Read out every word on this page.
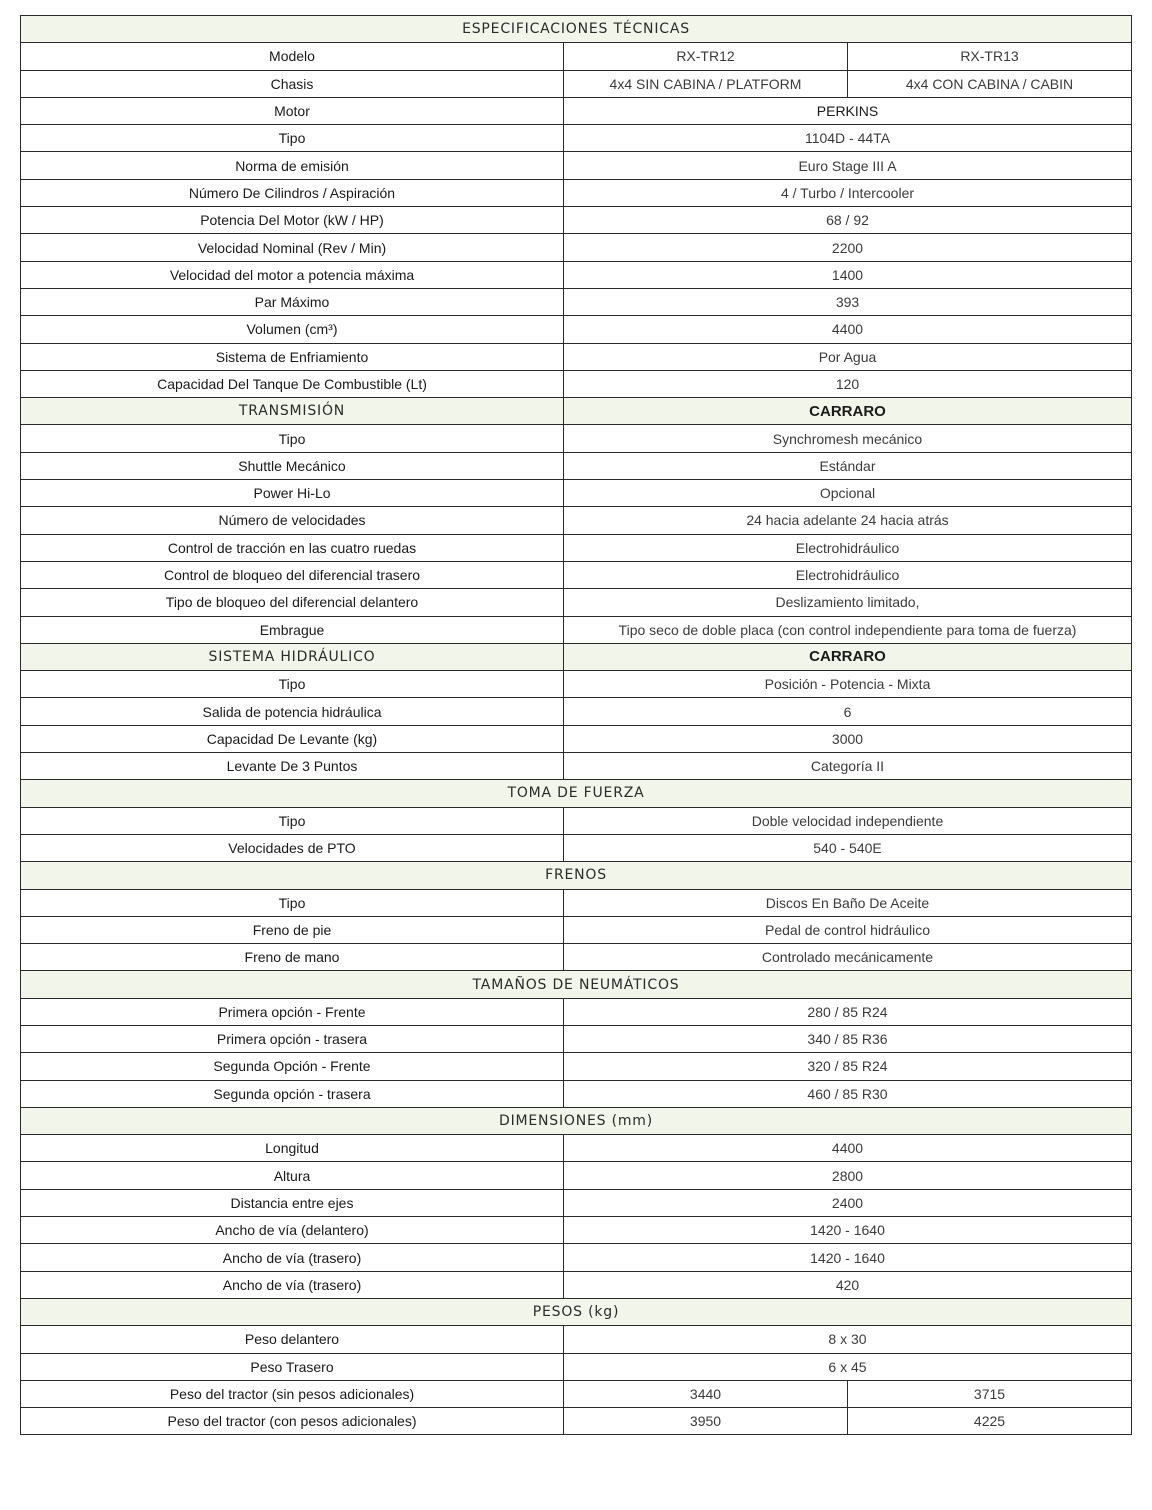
ESPECIFICACIONES TÉCNICAS		
Modelo	RX-TR12	RX-TR13
Chasis	4x4 SIN CABINA / PLATFORM	4x4 CON CABINA / CABIN
Motor	PERKINS	
Tipo	1104D - 44TA	
Norma de emisión	Euro Stage III A	
Número De Cilindros / Aspiración	4 / Turbo / Intercooler	
Potencia Del Motor (kW / HP)	68 / 92	
Velocidad Nominal (Rev / Min)	2200	
Velocidad del motor a potencia máxima	1400	
Par Máximo	393	
Volumen (cm³)	4400	
Sistema de Enfriamiento	Por Agua	
Capacidad Del Tanque De Combustible (Lt)	120	
TRANSMISIÓN	CARRARO	
Tipo	Synchromesh mecánico	
Shuttle Mecánico	Estándar	
Power Hi-Lo	Opcional	
Número de velocidades	24 hacia adelante 24 hacia atrás	
Control de tracción en las cuatro ruedas	Electrohidráulico	
Control de bloqueo del diferencial trasero	Electrohidráulico	
Tipo de bloqueo del diferencial delantero	Deslizamiento limitado,	
Embrague	Tipo seco de doble placa (con control independiente para toma de fuerza)	
SISTEMA HIDRÁULICO	CARRARO	
Tipo	Posición - Potencia - Mixta	
Salida de potencia hidráulica	6	
Capacidad De Levante (kg)	3000	
Levante De 3 Puntos	Categoría II	
TOMA DE FUERZA		
Tipo	Doble velocidad independiente	
Velocidades de PTO	540 - 540E	
FRENOS		
Tipo	Discos En Baño De Aceite	
Freno de pie	Pedal de control hidráulico	
Freno de mano	Controlado mecánicamente	
TAMAÑOS DE NEUMÁTICOS		
Primera opción - Frente	280 / 85 R24	
Primera opción - trasera	340 / 85 R36	
Segunda Opción - Frente	320 / 85 R24	
Segunda opción - trasera	460 / 85 R30	
DIMENSIONES (mm)		
Longitud	4400	
Altura	2800	
Distancia entre ejes	2400	
Ancho de vía (delantero)	1420 - 1640	
Ancho de vía (trasero)	1420 - 1640	
Ancho de vía (trasero)	420	
PESOS (kg)		
Peso delantero	8 x 30	
Peso Trasero	6 x 45	
Peso del tractor (sin pesos adicionales)	3440	3715
Peso del tractor (con pesos adicionales)	3950	4225
